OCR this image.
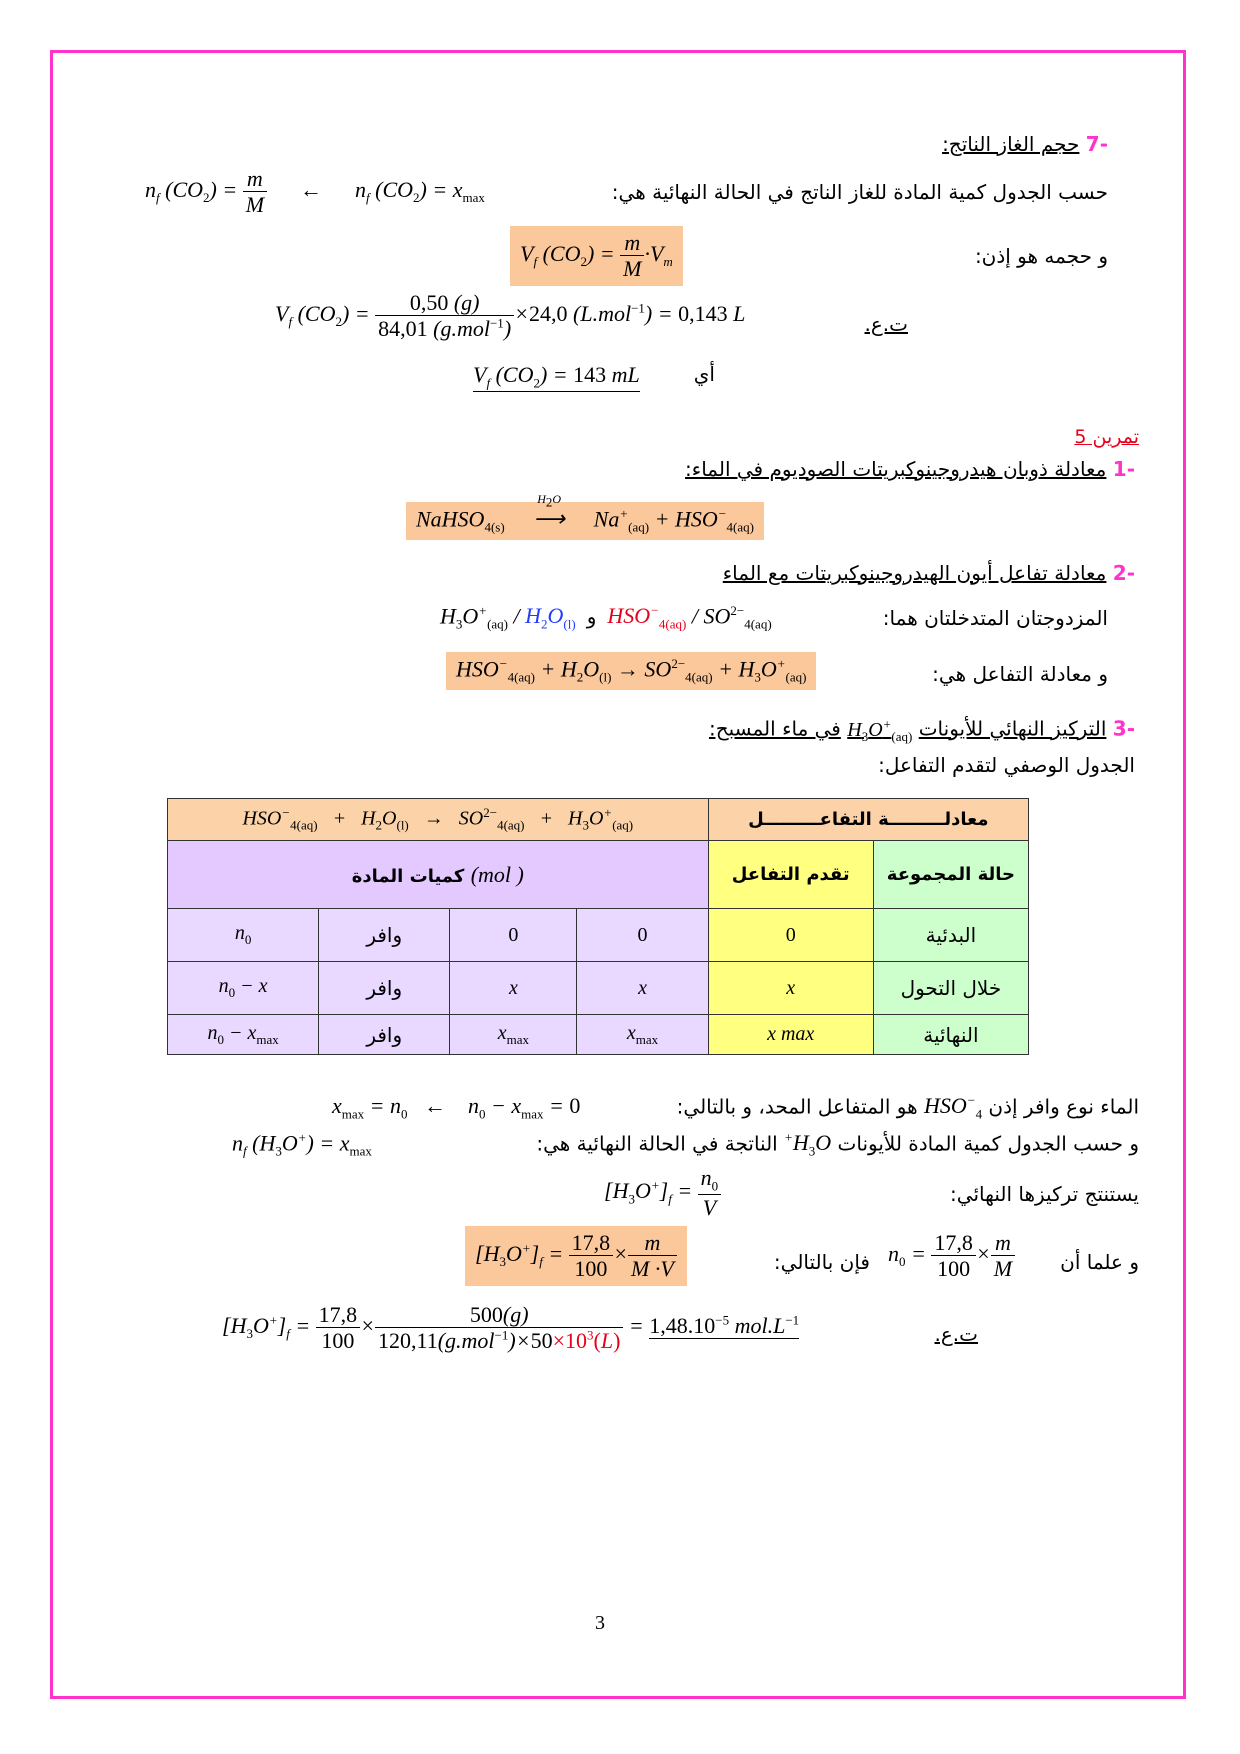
-7 حجم الغاز الناتج:
حسب الجدول كمية المادة للغاز الناتج في الحالة النهائية هي:
$n_f$ $(CO_2) = \frac{m}{M}$ ←      $n_f$ $(CO_2) = x_{max}$
و حجمه هو إذن:
$V_f$ $(CO_2) = \frac{m}{M} \cdot V_m$
ت.ع.
$V_f$ $(CO_2) = \frac{0,50 (g)}{84,01 (g.mol^{-1})} \times 24,0$ (L.mol$^{-1}$) = 0,143 L
أي
$V_f$ $(CO_2) = 143$ mL
تمرين 5
-1 معادلة ذوبان هيدروجينوكبريتات الصوديوم في الماء:
NaHSO$_{4(s)}$
$H_2O$
⟶ $Na^+_{(aq)} + HSO^-_{4(aq)}$
-2 معادلة تفاعل أيون الهيدروجينوكبريتات مع الماء
المزدوجتان المتدخلتان هما:
$H_3O^+_{(aq)} / H_2O_{(l)}$ و $HSO^-_{4(aq)} / SO^{2-}_{4(aq)}$
و معادلة التفاعل هي:
$HSO^-_{4(aq)} + H_2O_{(l)} \to SO^{2-}_{4(aq)} + H_3O^+_{(aq)}$
-3 التركيز النهائي للأيونات $H_3O^+_{(aq)}$ في ماء المسبح:
الجدول الوصفي لتقدم التفاعل:
$HSO^-_{4(aq)} + H_2O_{(l)} \to SO^{2-}_{4(aq)} + H_3O^+_{(aq)}$				معادلـــــــــة التفاعـــــــــل	
كميات المادة (mol )				تقدم التفاعل	حالة المجموعة
$n_0$	وافر	0	0	0	البدئية
$n_0 - x$	وافر	x	x	x	خلال التحول
$n_0 - x_{max}$	وافر	$x_{max}$	$x_{max}$	x max	النهائية
الماء نوع وافر إذن $HSO^-_4$ هو المتفاعل المحد، و بالتالي:
$x_{max} = n_0$   ←    $n_0 - x_{max} = 0$
و حسب الجدول كمية المادة للأيونات $H_3O^+$ الناتجة في الحالة النهائية هي:
$n_f$ $(H_3O^+) = x_{max}$
يستنتج تركيزها النهائي:
$[H_3O^+]_f = \frac{n_0}{V}$
و علما أن
$n_0 = \frac{17,8}{100} \times \frac{m}{M}$
فإن بالتالي:
$[H_3O^+]_f = \frac{17,8}{100} \times \frac{m}{M \cdot V}$
ت.ع.
$[H_3O^+]_f = \frac{17,8}{100} \times \frac{500(g)}{120,11(g.mol^{-1})\times 50\times 10^3(L)} = 1,48.10^{-5}$ $mol.L^{-1}$
3
